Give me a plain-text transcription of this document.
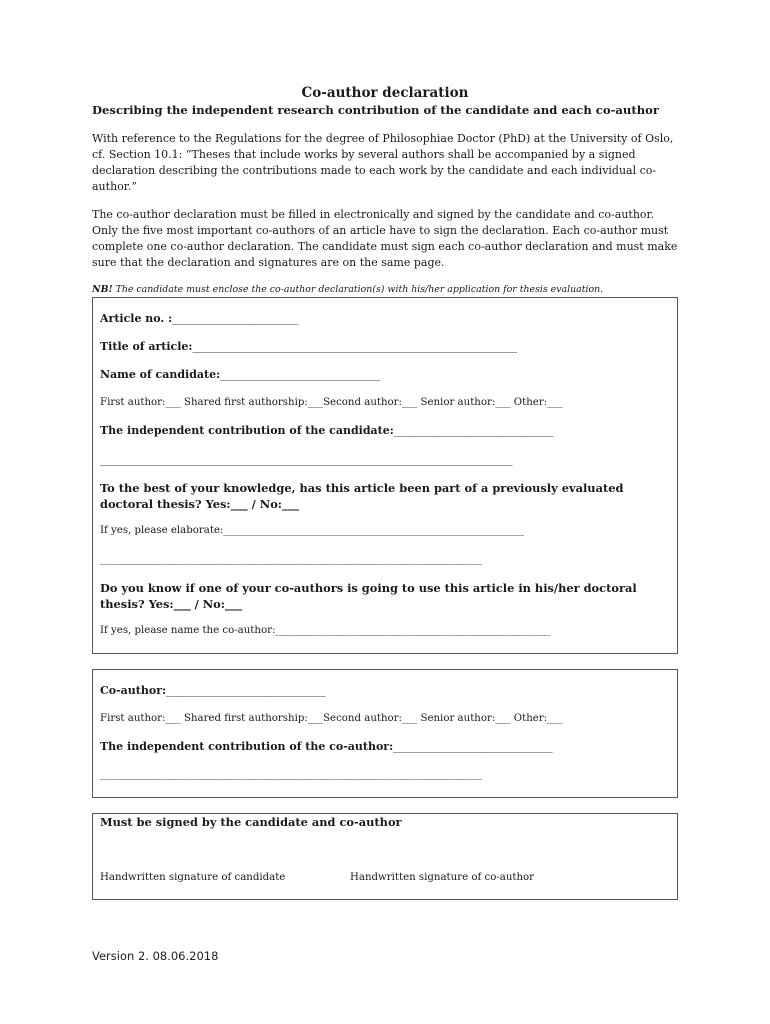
Co-author declaration
Describing the independent research contribution of the candidate and each co-author
With reference to the Regulations for the degree of Philosophiae Doctor (PhD) at the University of Oslo, cf. Section 10.1: “Theses that include works by several authors shall be accompanied by a signed declaration describing the contributions made to each work by the candidate and each individual co-author.”
The co-author declaration must be filled in electronically and signed by the candidate and co-author. Only the five most important co-authors of an article have to sign the declaration. Each co-author must complete one co-author declaration. The candidate must sign each co-author declaration and must make sure that the declaration and signatures are on the same page.
NB! The candidate must enclose the co-author declaration(s) with his/her application for thesis evaluation.
Article no. :_______________________
Title of article:___________________________________________________________
Name of candidate:_____________________________
First author:___ Shared first authorship:___Second author:___ Senior author:___ Other:___
The independent contribution of the candidate:_____________________________
___________________________________________________________________________
To the best of your knowledge, has this article been part of a previously evaluated
doctoral thesis? Yes:___ / No:___
If yes, please elaborate:___________________________________________________________
___________________________________________________________________________
Do you know if one of your co-authors is going to use this article in his/her doctoral
thesis? Yes:___ / No:___
If yes, please name the co-author:______________________________________________________
Co-author:_____________________________
First author:___ Shared first authorship:___Second author:___ Senior author:___ Other:___
The independent contribution of the co-author:_____________________________
___________________________________________________________________________
Must be signed by the candidate and co-author
Handwritten signature of candidate	Handwritten signature of co-author
Version 2. 08.06.2018
